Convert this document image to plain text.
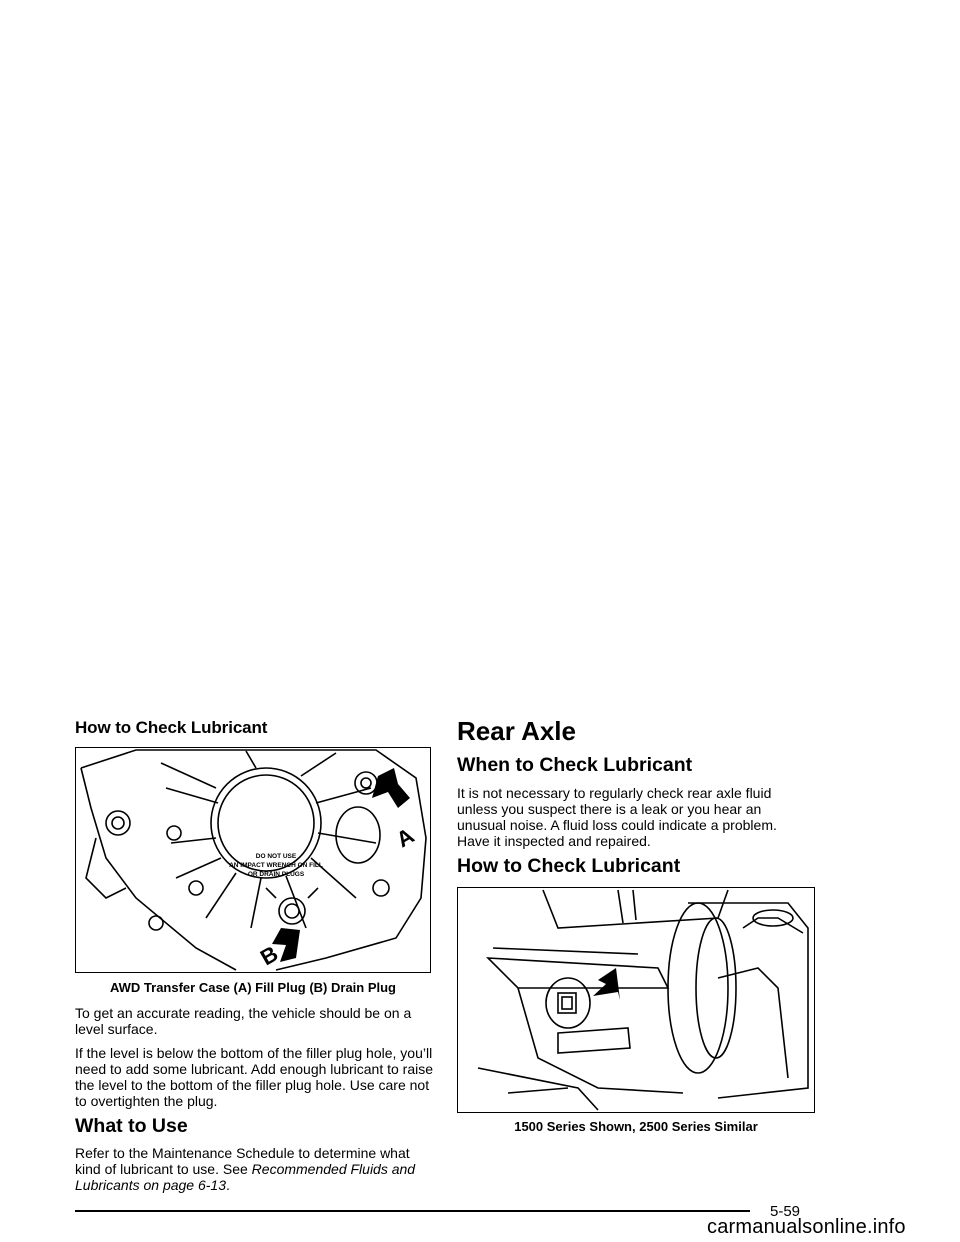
How to Check Lubricant
DO NOT USE
AN IMPACT WRENCH ON FILL
OR DRAIN PLUGS
A
B
AWD Transfer Case (A) Fill Plug (B) Drain Plug

To get an accurate reading, the vehicle should be on a level surface.

If the level is below the bottom of the filler plug hole, you’ll need to add some lubricant. Add enough lubricant to raise the level to the bottom of the filler plug hole. Use care not to overtighten the plug.

What to Use
Refer to the Maintenance Schedule to determine what kind of lubricant to use. See Recommended Fluids and Lubricants on page 6-13.
Rear Axle
When to Check Lubricant
It is not necessary to regularly check rear axle fluid unless you suspect there is a leak or you hear an unusual noise. A fluid loss could indicate a problem. Have it inspected and repaired.
How to Check Lubricant
1500 Series Shown, 2500 Series Similar
5-59
carmanualsonline.info
